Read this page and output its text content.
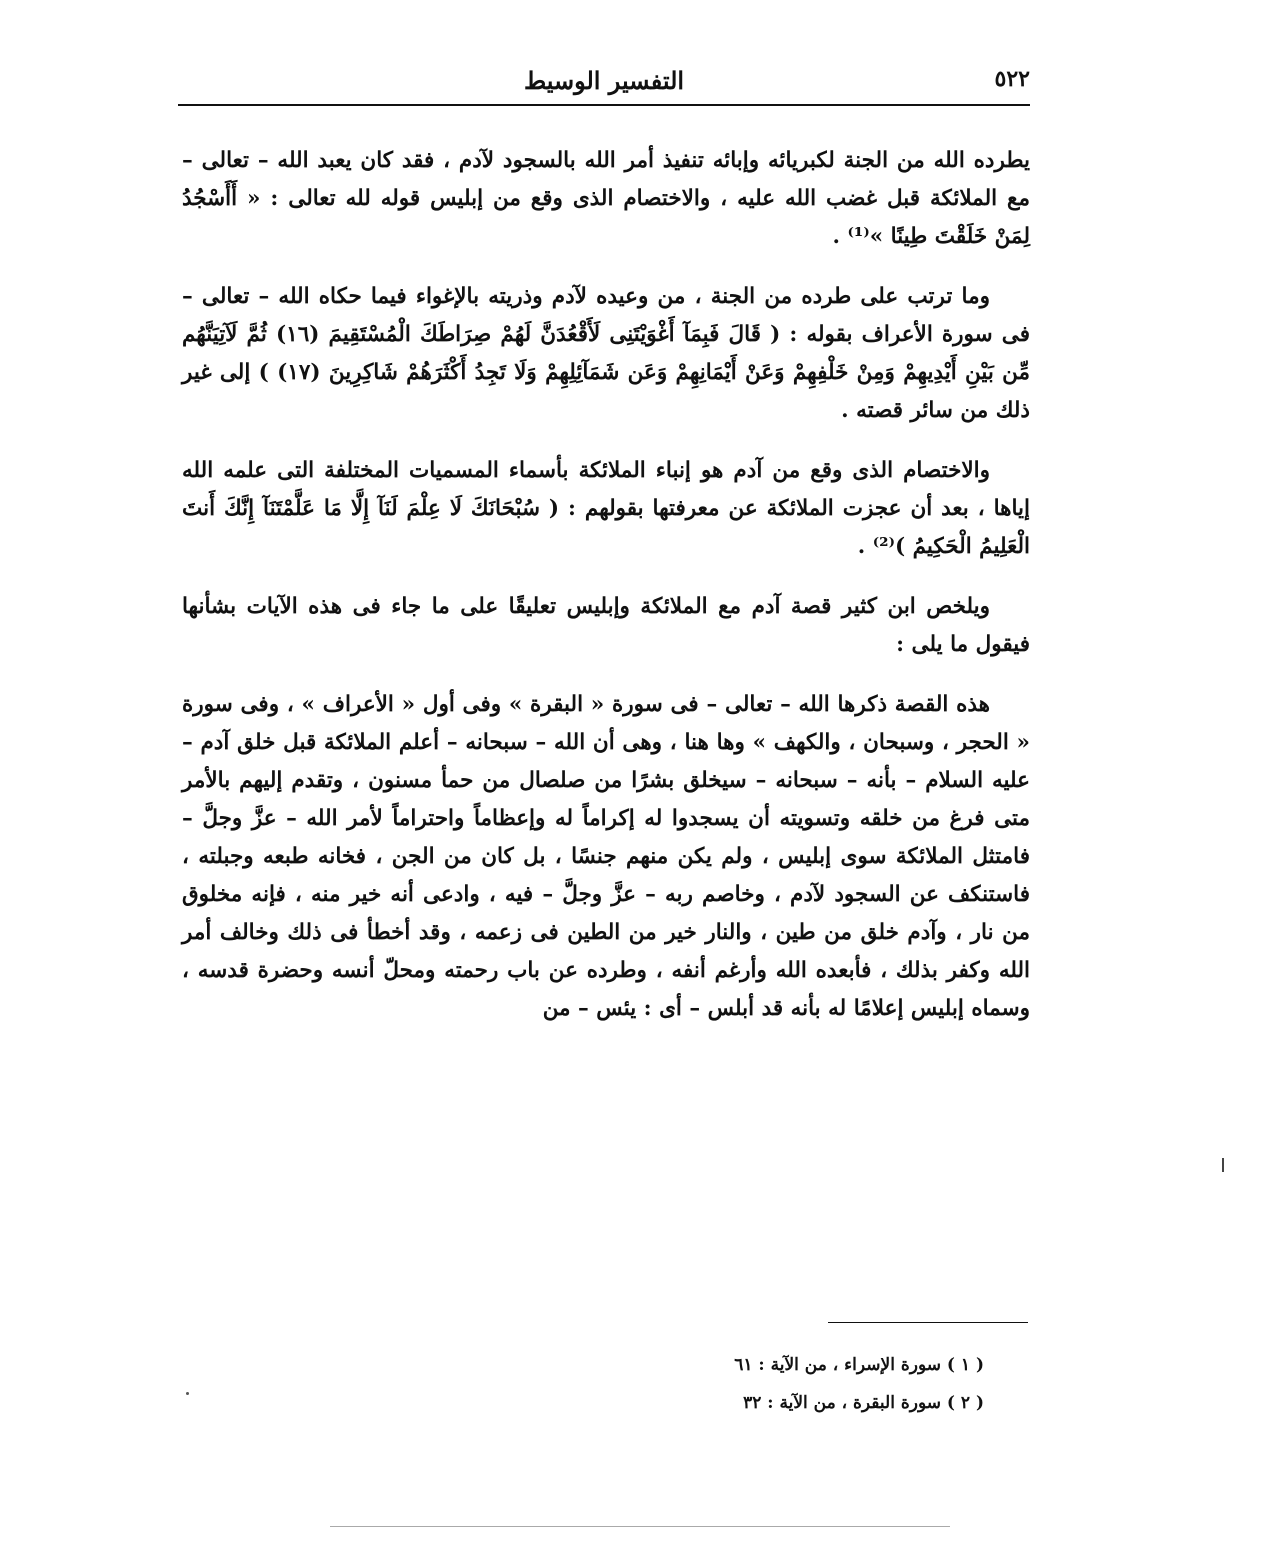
٥٢٢
التفسير الوسيط

يطرده الله من الجنة لكبريائه وإبائه تنفيذ أمر الله بالسجود لآدم ، فقد كان يعبد الله – تعالى – مع الملائكة قبل غضب الله عليه ، والاختصام الذى وقع من إبليس قوله لله تعالى : « أَأَسْجُدُ لِمَنْ خَلَقْتَ طِينًا »⁽¹⁾ .

وما ترتب على طرده من الجنة ، من وعيده لآدم وذريته بالإغواء فيما حكاه الله – تعالى – فى سورة الأعراف بقوله : ( قَالَ فَبِمَآ أَغْوَيْتَنِى لَأَقْعُدَنَّ لَهُمْ صِرَاطَكَ الْمُسْتَقِيمَ (١٦) ثُمَّ لَآتِيَنَّهُم مِّن بَيْنِ أَيْدِيهِمْ وَمِنْ خَلْفِهِمْ وَعَنْ أَيْمَانِهِمْ وَعَن شَمَآئِلِهِمْ وَلَا تَجِدُ أَكْثَرَهُمْ شَاكِرِينَ (١٧) ) إلى غير ذلك من سائر قصته .

والاختصام الذى وقع من آدم هو إنباء الملائكة بأسماء المسميات المختلفة التى علمه الله إياها ، بعد أن عجزت الملائكة عن معرفتها بقولهم : ( سُبْحَانَكَ لَا عِلْمَ لَنَآ إِلَّا مَا عَلَّمْتَنَآ إِنَّكَ أَنتَ الْعَلِيمُ الْحَكِيمُ )⁽²⁾ .

ويلخص ابن كثير قصة آدم مع الملائكة وإبليس تعليقًا على ما جاء فى هذه الآيات بشأنها فيقول ما يلى :

هذه القصة ذكرها الله – تعالى – فى سورة « البقرة » وفى أول « الأعراف » ، وفى سورة « الحجر ، وسبحان ، والكهف » وها هنا ، وهى أن الله – سبحانه – أعلم الملائكة قبل خلق آدم – عليه السلام – بأنه – سبحانه – سيخلق بشرًا من صلصال من حمأ مسنون ، وتقدم إليهم بالأمر متى فرغ من خلقه وتسويته أن يسجدوا له إكراماً له وإعظاماً واحتراماً لأمر الله – عزَّ وجلَّ – فامتثل الملائكة سوى إبليس ، ولم يكن منهم جنسًا ، بل كان من الجن ، فخانه طبعه وجبلته ، فاستنكف عن السجود لآدم ، وخاصم ربه – عزَّ وجلَّ – فيه ، وادعى أنه خير منه ، فإنه مخلوق من نار ، وآدم خلق من طين ، والنار خير من الطين فى زعمه ، وقد أخطأ فى ذلك وخالف أمر الله وكفر بذلك ، فأبعده الله وأرغم أنفه ، وطرده عن باب رحمته ومحلّ أنسه وحضرة قدسه ، وسماه إبليس إعلامًا له بأنه قد أبلس – أى : يئس – من

( ١ ) سورة الإسراء ، من الآية : ٦١

( ٢ ) سورة البقرة ، من الآية : ٣٢
